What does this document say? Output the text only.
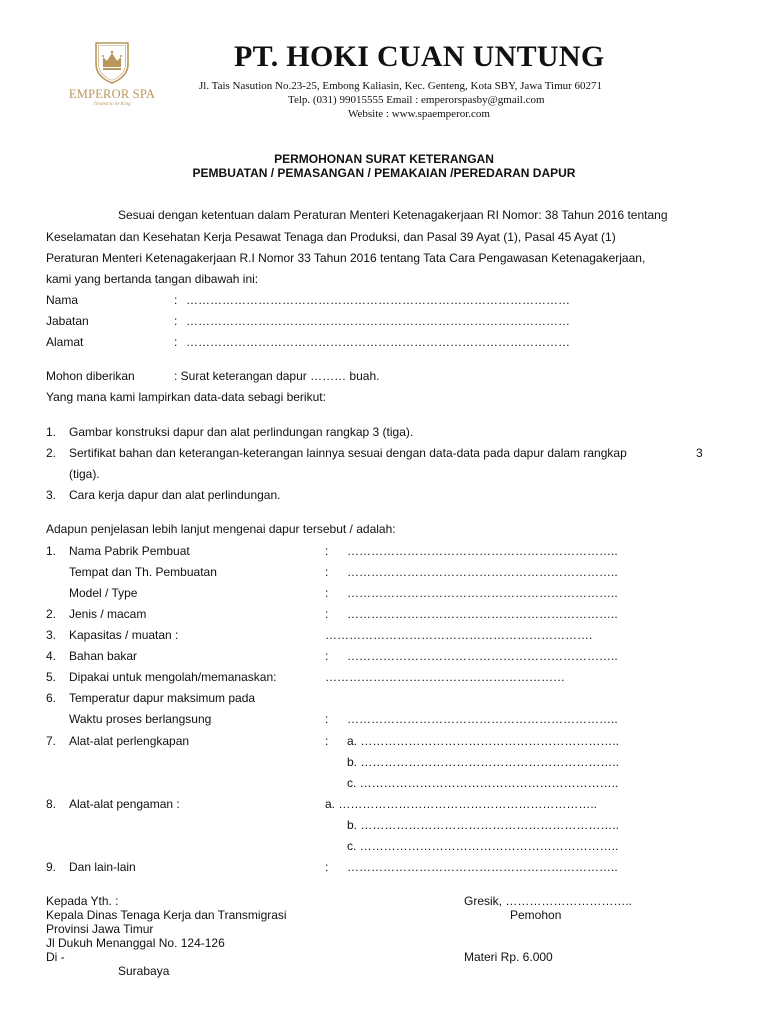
EMPEROR SPA
Treated to be King
PT. HOKI CUAN UNTUNG
Jl. Tais Nasution No.23-25, Embong Kaliasin, Kec. Genteng, Kota SBY, Jawa Timur 60271
Telp. (031) 99015555 Email : emperorspasby@gmail.com
Website : www.spaemperor.com
PERMOHONAN SURAT KETERANGAN
PEMBUATAN / PEMASANGAN / PEMAKAIAN /PEREDARAN DAPUR
Sesuai dengan ketentuan dalam Peraturan Menteri Ketenagakerjaan RI Nomor: 38 Tahun 2016 tentang
Keselamatan dan Kesehatan Kerja Pesawat Tenaga dan Produksi, dan Pasal 39 Ayat (1), Pasal 45 Ayat (1)
Peraturan Menteri Ketenagakerjaan R.I Nomor 33 Tahun 2016 tentang Tata Cara Pengawasan Ketenagakerjaan,
kami yang bertanda tangan dibawah ini:
Nama	: ……………………………………………………………………………………
Jabatan	: ……………………………………………………………………………………
Alamat	: ……………………………………………………………………………………
Mohon diberikan	: Surat keterangan dapur ……… buah.
Yang mana kami lampirkan data-data sebagi berikut:
1. Gambar konstruksi dapur dan alat perlindungan rangkap 3 (tiga).
2. Sertifikat bahan dan keterangan-keterangan lainnya sesuai dengan data-data pada dapur dalam rangkap	3
(tiga).
3. Cara kerja dapur dan alat perlindungan.
Adapun penjelasan lebih lanjut mengenai dapur tersebut / adalah:
1. Nama Pabrik Pembuat	: …………………………………………………………..
Tempat dan Th. Pembuatan	: …………………………………………………………..
Model / Type	: …………………………………………………………..
2. Jenis / macam	: …………………………………………………………..
3. Kapasitas / muatan :	………………………………………………………….
4. Bahan bakar	: …………………………………………………………..
5. Dipakai untuk mengolah/memanaskan:	……………………………………………………
6. Temperatur dapur maksimum pada
Waktu proses berlangsung	: …………………………………………………………..
7. Alat-alat perlengkapan	: a. ………………………………………………………..
b. ………………………………………………………..
c. ………………………………………………………..
8. Alat-alat pengaman :	a. ………………………………………………………..
b. ………………………………………………………..
c. ………………………………………………………..
9. Dan lain-lain	: …………………………………………………………..
Kepada Yth. :
Kepala Dinas Tenaga Kerja dan Transmigrasi
Provinsi Jawa Timur
Jl Dukuh Menanggal No. 124-126
Di -
Surabaya
Gresik, …………………………..
Pemohon
Materi Rp. 6.000
